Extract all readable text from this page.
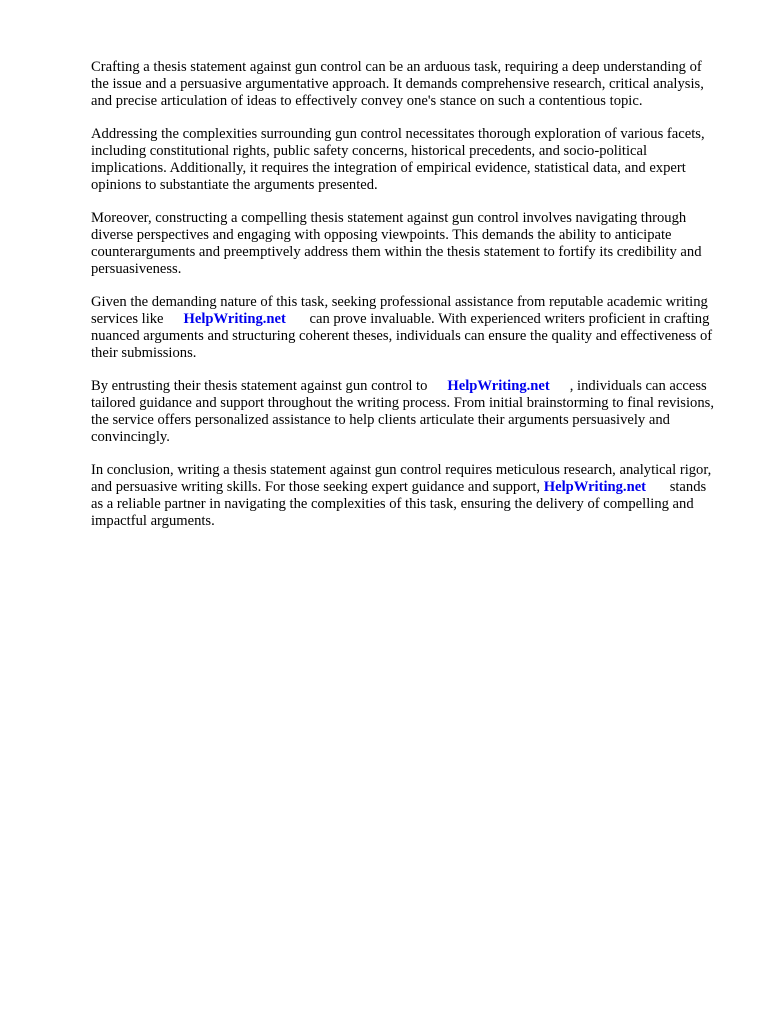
Crafting a thesis statement against gun control can be an arduous task, requiring a deep understanding of the issue and a persuasive argumentative approach. It demands comprehensive research, critical analysis, and precise articulation of ideas to effectively convey one's stance on such a contentious topic.

Addressing the complexities surrounding gun control necessitates thorough exploration of various facets, including constitutional rights, public safety concerns, historical precedents, and socio-political implications. Additionally, it requires the integration of empirical evidence, statistical data, and expert opinions to substantiate the arguments presented.

Moreover, constructing a compelling thesis statement against gun control involves navigating through diverse perspectives and engaging with opposing viewpoints. This demands the ability to anticipate counterarguments and preemptively address them within the thesis statement to fortify its credibility and persuasiveness.

Given the demanding nature of this task, seeking professional assistance from reputable academic writing services like HelpWriting.net can prove invaluable. With experienced writers proficient in crafting nuanced arguments and structuring coherent theses, individuals can ensure the quality and effectiveness of their submissions.

By entrusting their thesis statement against gun control to HelpWriting.net , individuals can access tailored guidance and support throughout the writing process. From initial brainstorming to final revisions, the service offers personalized assistance to help clients articulate their arguments persuasively and convincingly.

In conclusion, writing a thesis statement against gun control requires meticulous research, analytical rigor, and persuasive writing skills. For those seeking expert guidance and support, HelpWriting.net stands as a reliable partner in navigating the complexities of this task, ensuring the delivery of compelling and impactful arguments.
